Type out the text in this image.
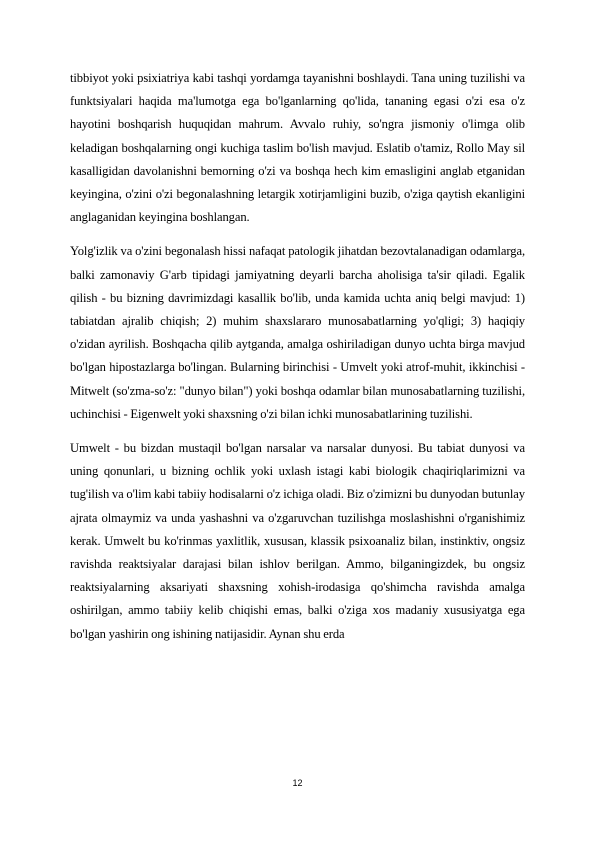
tibbiyot yoki psixiatriya kabi tashqi yordamga tayanishni boshlaydi. Tana uning tuzilishi va funktsiyalari haqida ma'lumotga ega bo'lganlarning qo'lida, tananing egasi o'zi esa o'z hayotini boshqarish huquqidan mahrum. Avvalo ruhiy, so'ngra jismoniy o'limga olib keladigan boshqalarning ongi kuchiga taslim bo'lish mavjud. Eslatib o'tamiz, Rollo May sil kasalligidan davolanishni bemorning o'zi va boshqa hech kim emasligini anglab etganidan keyingina, o'zini o'zi begonalashning letargik xotirjamligini buzib, o'ziga qaytish ekanligini anglaganidan keyingina boshlangan.

Yolg'izlik va o'zini begonalash hissi nafaqat patologik jihatdan bezovtalanadigan odamlarga, balki zamonaviy G'arb tipidagi jamiyatning deyarli barcha aholisiga ta'sir qiladi. Egalik qilish - bu bizning davrimizdagi kasallik bo'lib, unda kamida uchta aniq belgi mavjud: 1) tabiatdan ajralib chiqish; 2) muhim shaxslararo munosabatlarning yo'qligi; 3) haqiqiy o'zidan ayrilish. Boshqacha qilib aytganda, amalga oshiriladigan dunyo uchta birga mavjud bo'lgan hipostazlarga bo'lingan. Bularning birinchisi - Umvelt yoki atrof-muhit, ikkinchisi - Mitwelt (so'zma-so'z: "dunyo bilan") yoki boshqa odamlar bilan munosabatlarning tuzilishi, uchinchisi - Eigenwelt yoki shaxsning o'zi bilan ichki munosabatlarining tuzilishi.

Umwelt - bu bizdan mustaqil bo'lgan narsalar va narsalar dunyosi. Bu tabiat dunyosi va uning qonunlari, u bizning ochlik yoki uxlash istagi kabi biologik chaqiriqlarimizni va tug'ilish va o'lim kabi tabiiy hodisalarni o'z ichiga oladi. Biz o'zimizni bu dunyodan butunlay ajrata olmaymiz va unda yashashni va o'zgaruvchan tuzilishga moslashishni o'rganishimiz kerak. Umwelt bu ko'rinmas yaxlitlik, xususan, klassik psixoanaliz bilan, instinktiv, ongsiz ravishda reaktsiyalar darajasi bilan ishlov berilgan. Ammo, bilganingizdek, bu ongsiz reaktsiyalarning aksariyati shaxsning xohish-irodasiga qo'shimcha ravishda amalga oshirilgan, ammo tabiiy kelib chiqishi emas, balki o'ziga xos madaniy xususiyatga ega bo'lgan yashirin ong ishining natijasidir. Aynan shu erda

12
